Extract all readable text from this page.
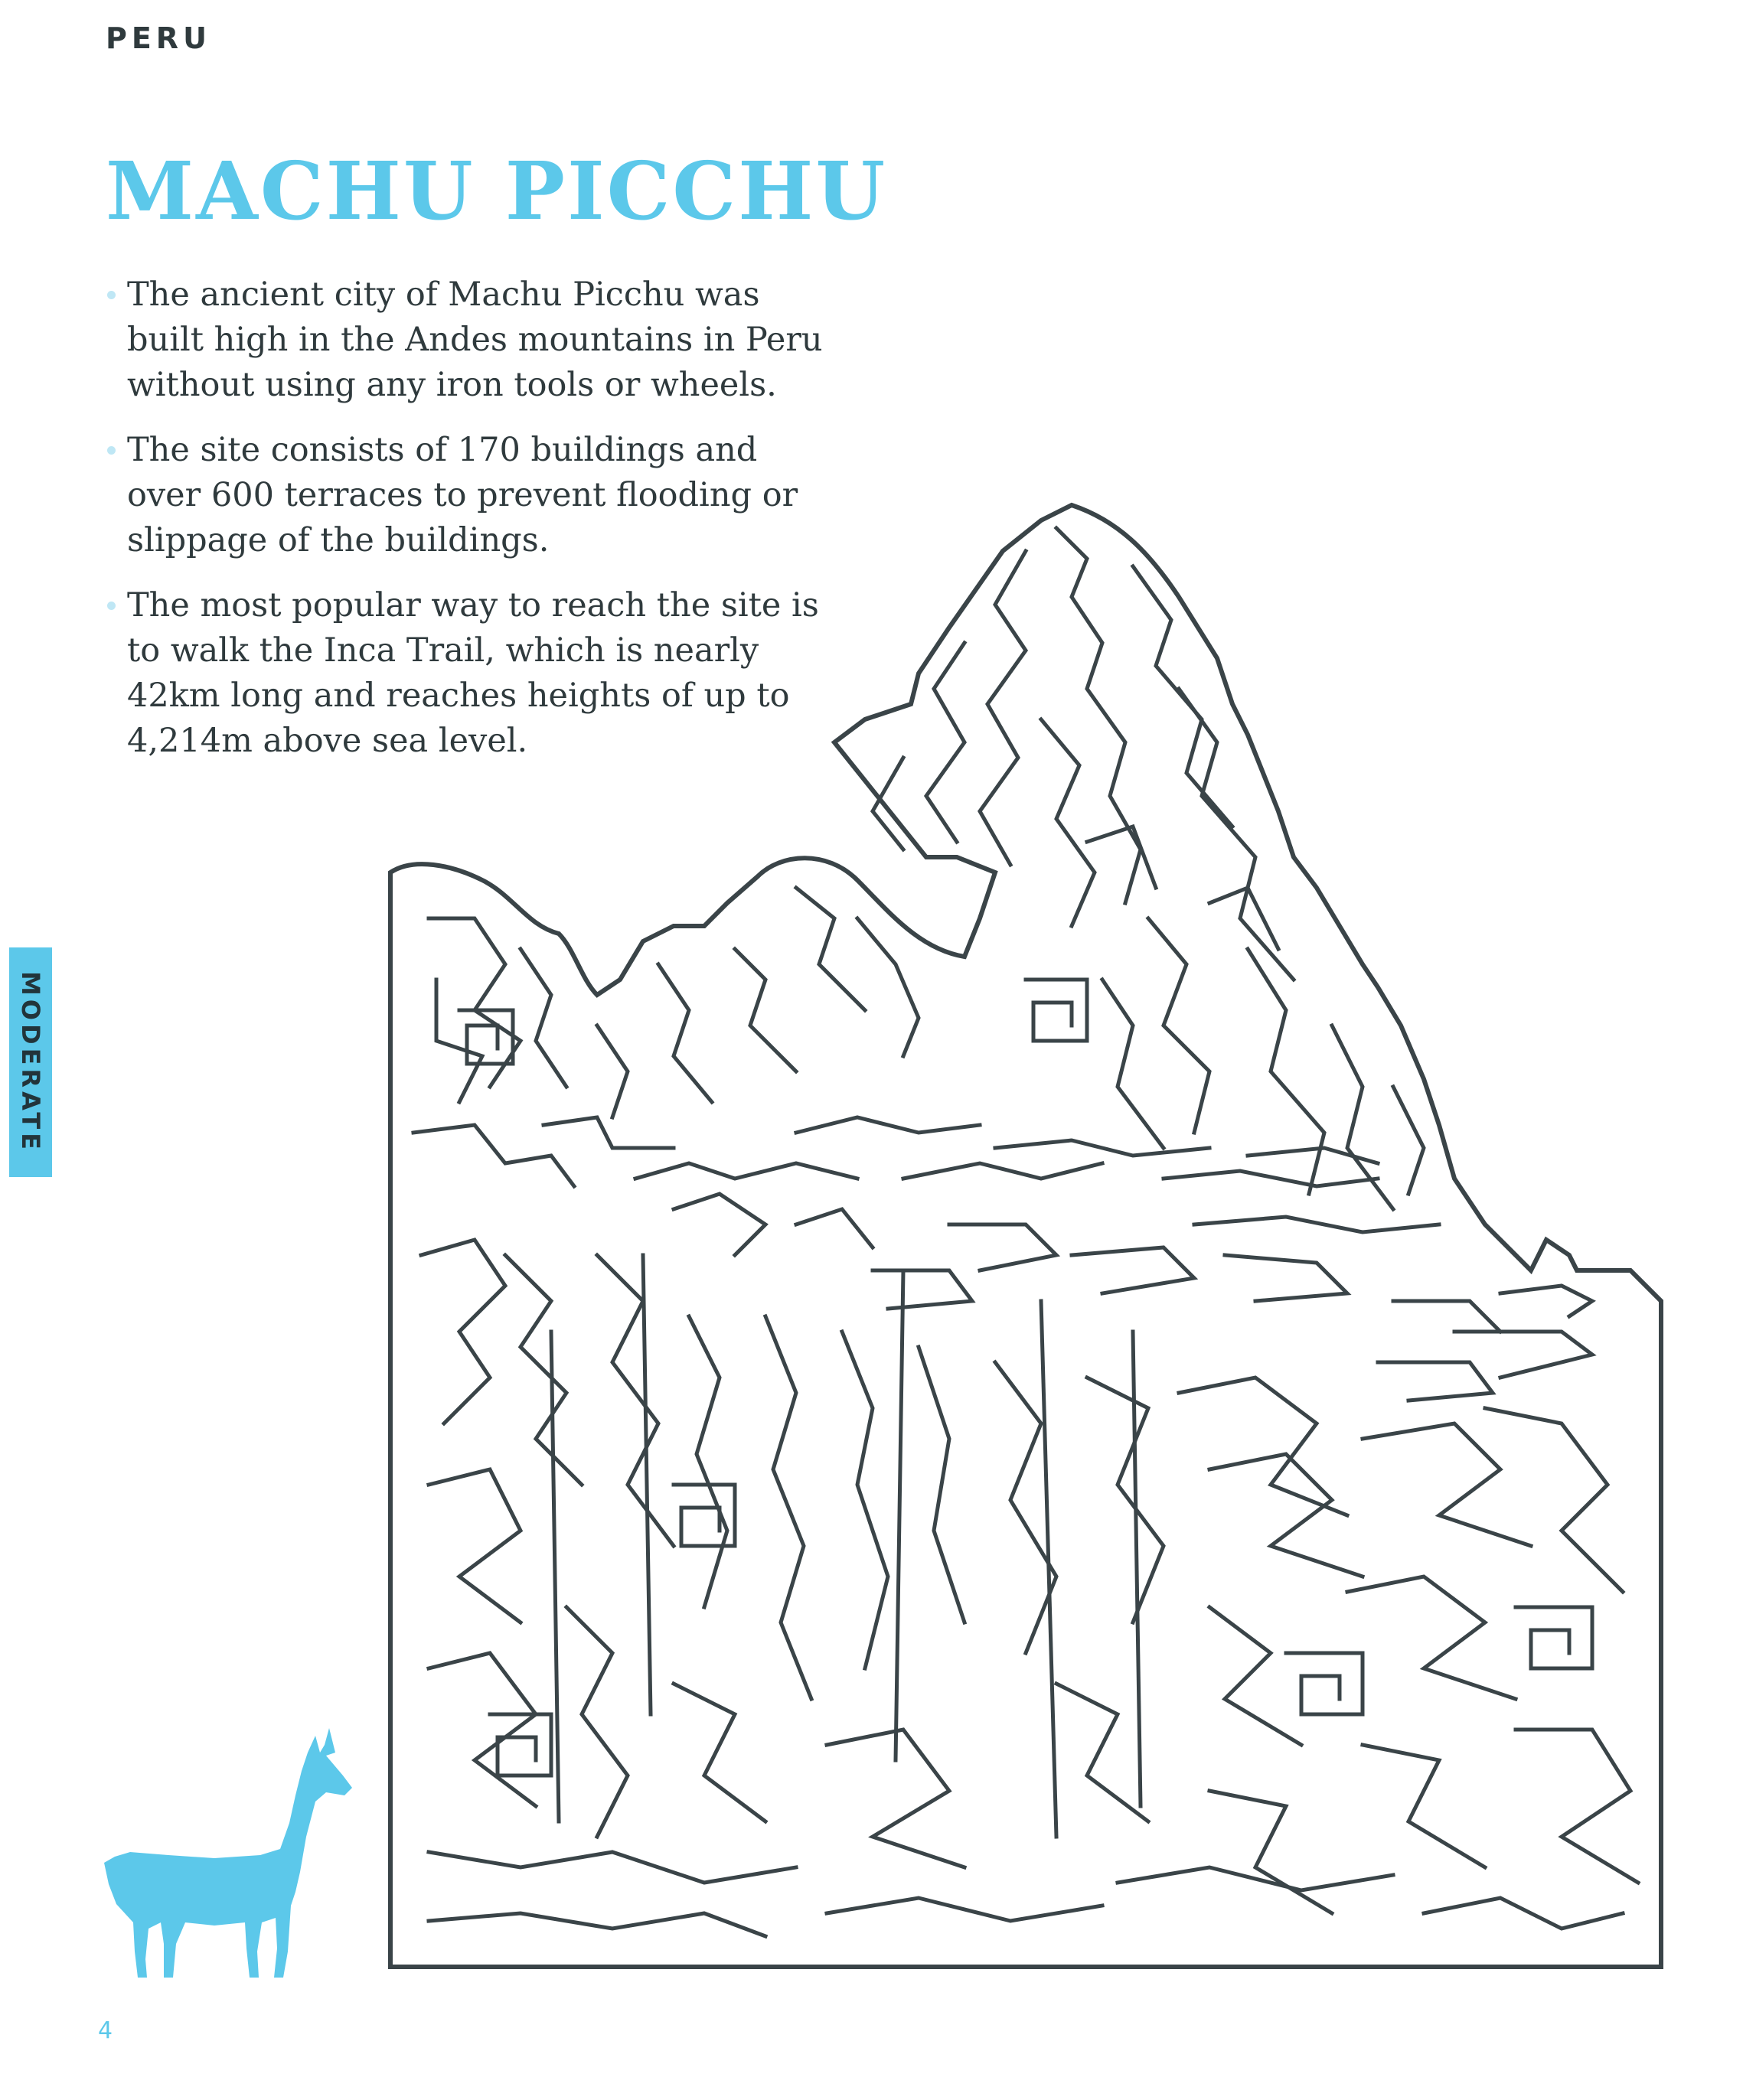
PERU
MACHU PICCHU
The ancient city of Machu Picchu was built high in the Andes mountains in Peru without using any iron tools or wheels.
The site consists of 170 buildings and over 600 terraces to prevent flooding or slippage of the buildings.
The most popular way to reach the site is to walk the Inca Trail, which is nearly 42km long and reaches heights of up to 4,214m above sea level.
MODERATE
4
